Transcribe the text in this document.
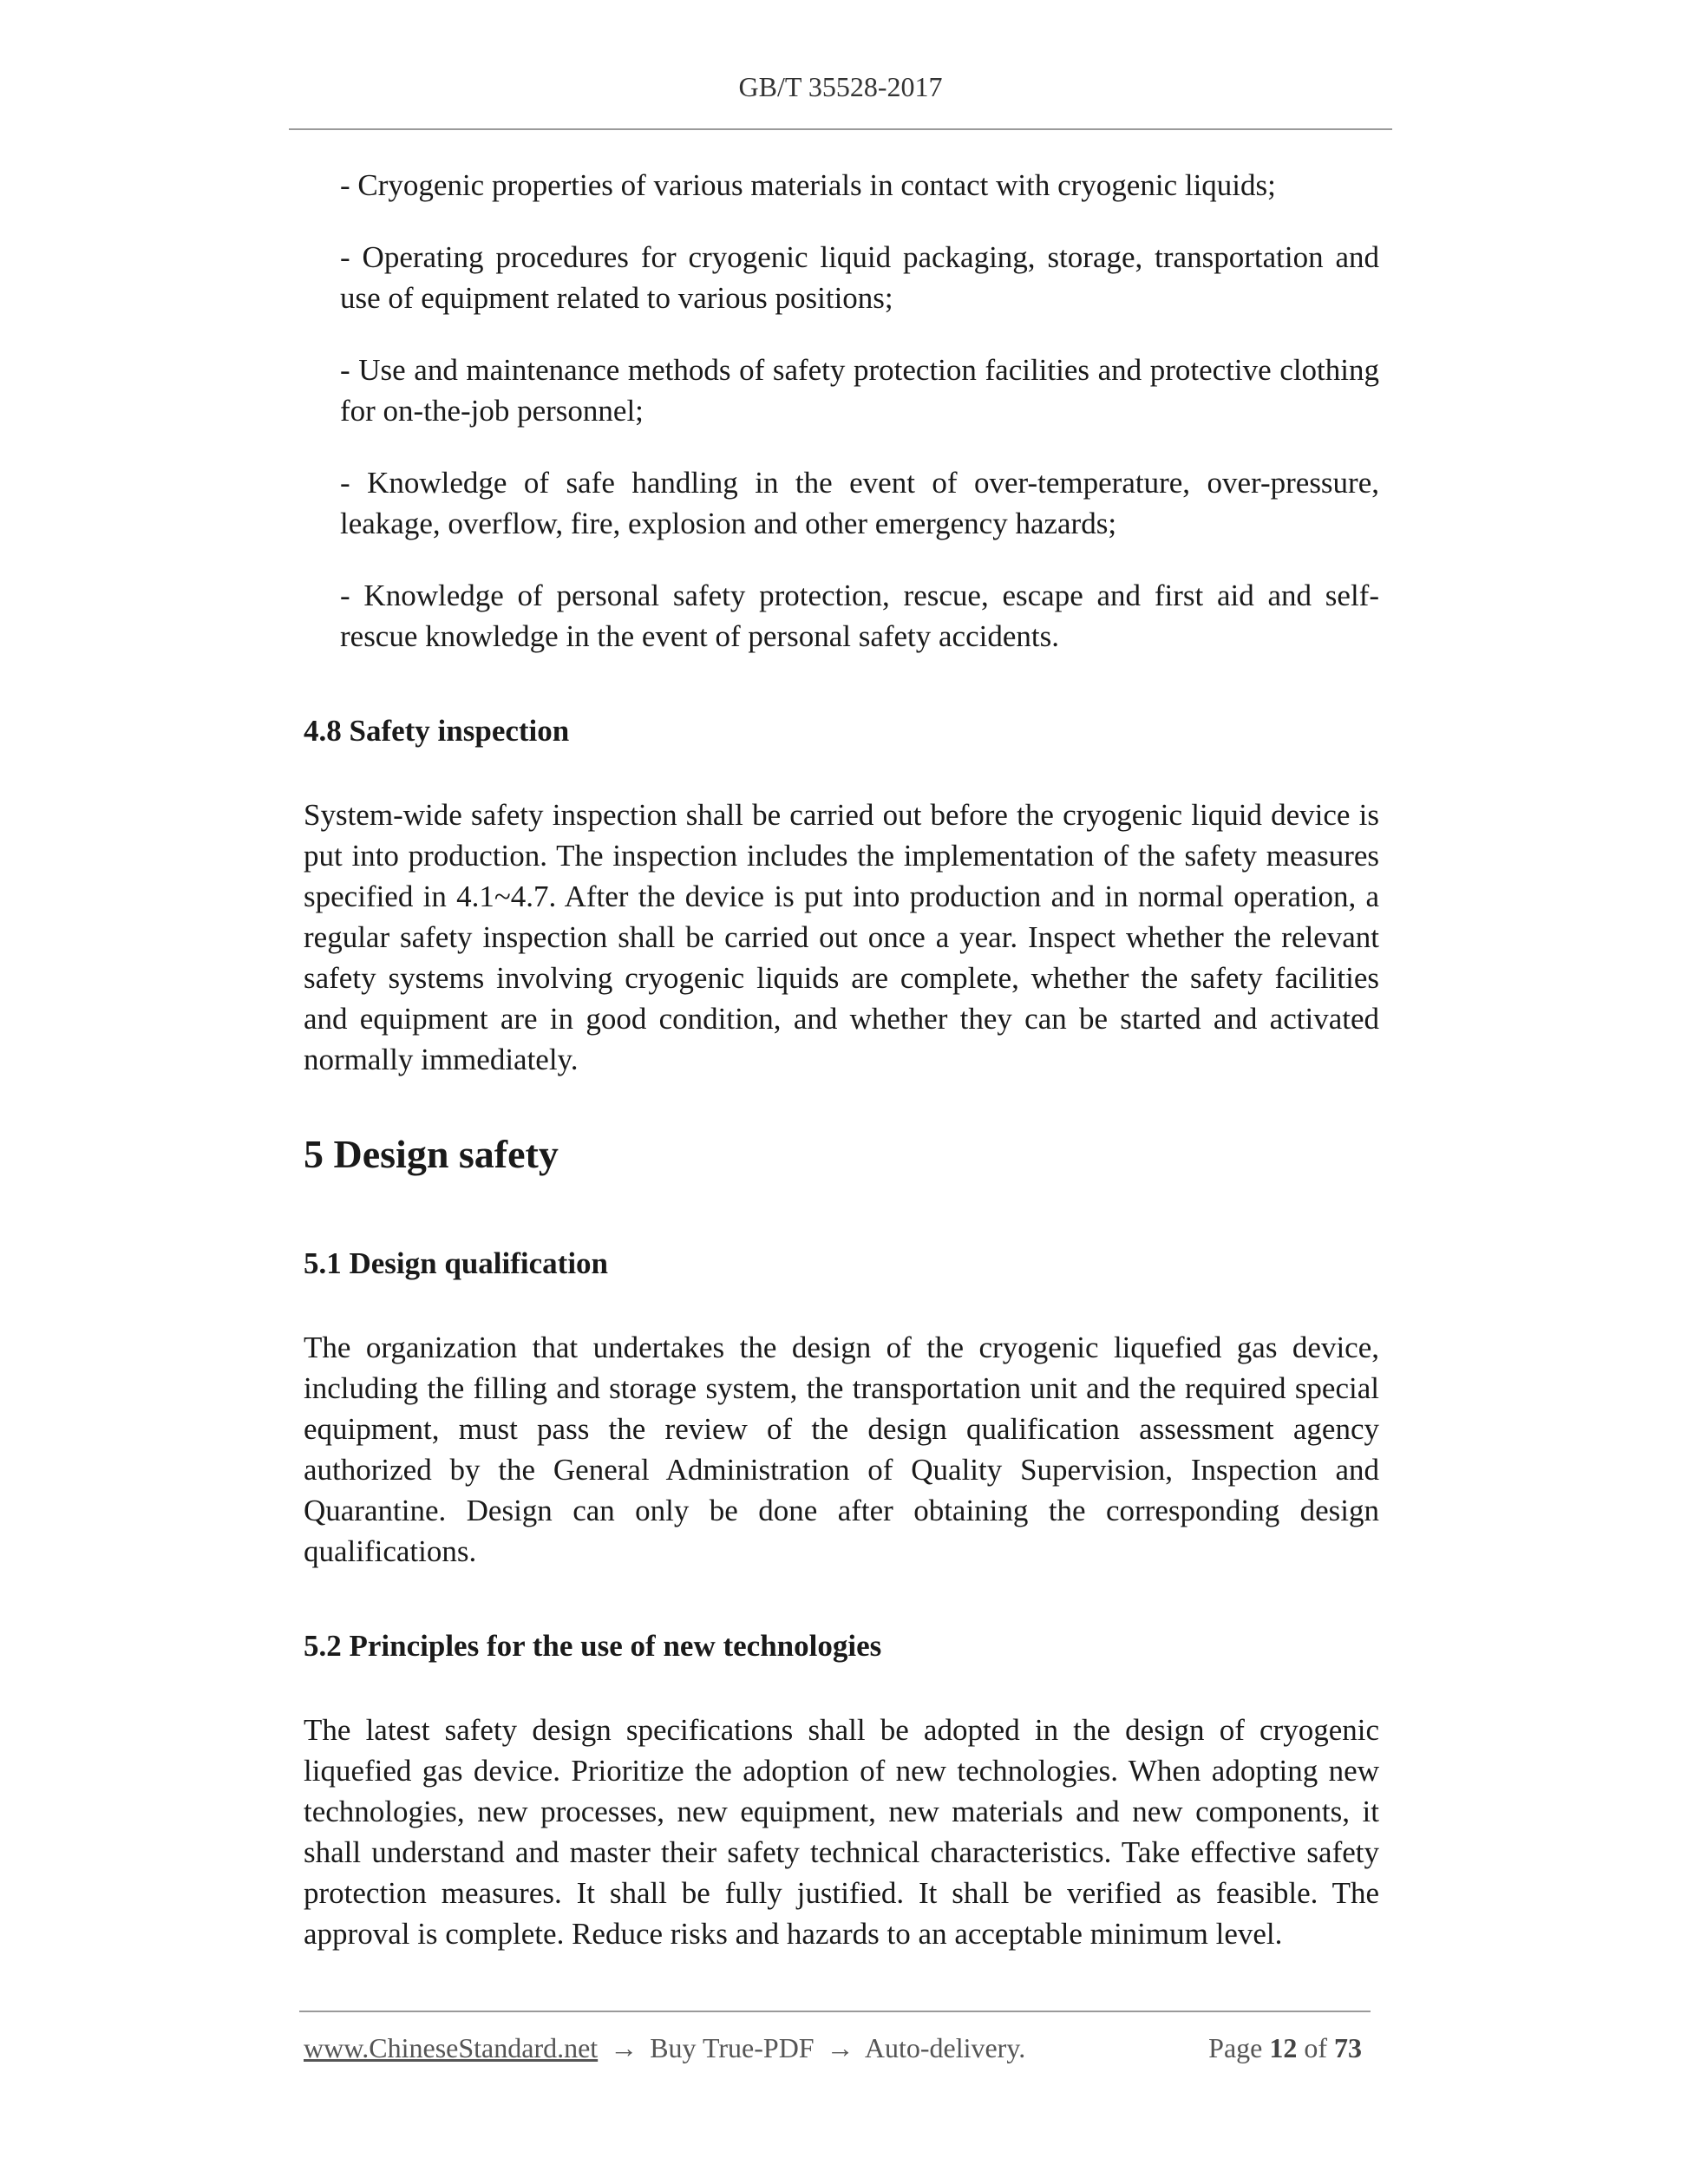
GB/T 35528-2017

- Cryogenic properties of various materials in contact with cryogenic liquids;

- Operating procedures for cryogenic liquid packaging, storage, transportation and use of equipment related to various positions;

- Use and maintenance methods of safety protection facilities and protective clothing for on-the-job personnel;

- Knowledge of safe handling in the event of over-temperature, over-pressure, leakage, overflow, fire, explosion and other emergency hazards;

- Knowledge of personal safety protection, rescue, escape and first aid and self-rescue knowledge in the event of personal safety accidents.

4.8 Safety inspection

System-wide safety inspection shall be carried out before the cryogenic liquid device is put into production. The inspection includes the implementation of the safety measures specified in 4.1~4.7. After the device is put into production and in normal operation, a regular safety inspection shall be carried out once a year. Inspect whether the relevant safety systems involving cryogenic liquids are complete, whether the safety facilities and equipment are in good condition, and whether they can be started and activated normally immediately.

5 Design safety
5.1 Design qualification

The organization that undertakes the design of the cryogenic liquefied gas device, including the filling and storage system, the transportation unit and the required special equipment, must pass the review of the design qualification assessment agency authorized by the General Administration of Quality Supervision, Inspection and Quarantine. Design can only be done after obtaining the corresponding design qualifications.

5.2 Principles for the use of new technologies

The latest safety design specifications shall be adopted in the design of cryogenic liquefied gas device. Prioritize the adoption of new technologies. When adopting new technologies, new processes, new equipment, new materials and new components, it shall understand and master their safety technical characteristics. Take effective safety protection measures. It shall be fully justified. It shall be verified as feasible. The approval is complete. Reduce risks and hazards to an acceptable minimum level.

www.ChineseStandard.net → Buy True-PDF → Auto-delivery.	Page 12 of 73
